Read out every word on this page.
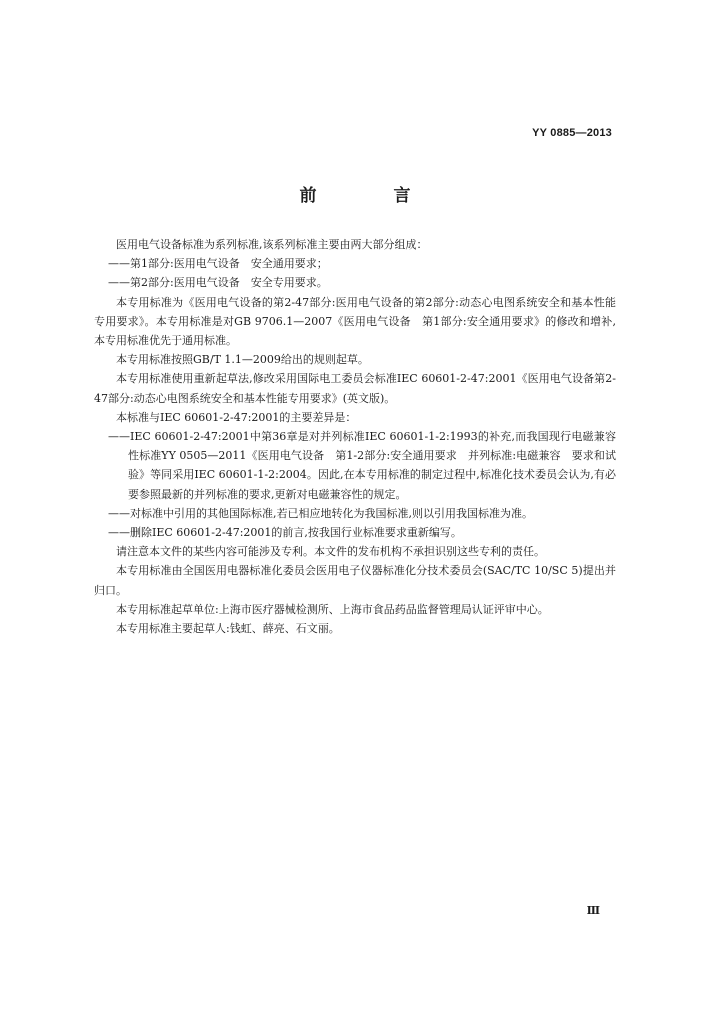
YY 0885—2013
前　言

医用电气设备标准为系列标准,该系列标准主要由两大部分组成：

——第1部分:医用电气设备　安全通用要求；

——第2部分:医用电气设备　安全专用要求。

本专用标准为《医用电气设备的第2-47部分:医用电气设备的第2部分:动态心电图系统安全和基本性能专用要求》。本专用标准是对GB 9706.1—2007《医用电气设备　第1部分:安全通用要求》的修改和增补,本专用标准优先于通用标准。

本专用标准按照GB/T 1.1—2009给出的规则起草。

本专用标准使用重新起草法,修改采用国际电工委员会标准IEC 60601-2-47:2001《医用电气设备第2-47部分:动态心电图系统安全和基本性能专用要求》(英文版)。

本标准与IEC 60601-2-47:2001的主要差异是：

——IEC 60601-2-47:2001中第36章是对并列标准IEC 60601-1-2:1993的补充,而我国现行电磁兼容性标准YY 0505—2011《医用电气设备　第1-2部分:安全通用要求　并列标准:电磁兼容　要求和试验》等同采用IEC 60601-1-2:2004。因此,在本专用标准的制定过程中,标准化技术委员会认为,有必要参照最新的并列标准的要求,更新对电磁兼容性的规定。

——对标准中引用的其他国际标准,若已相应地转化为我国标准,则以引用我国标准为准。

——删除IEC 60601-2-47:2001的前言,按我国行业标准要求重新编写。

请注意本文件的某些内容可能涉及专利。本文件的发布机构不承担识别这些专利的责任。

本专用标准由全国医用电器标准化委员会医用电子仪器标准化分技术委员会(SAC/TC 10/SC 5)提出并归口。

本专用标准起草单位:上海市医疗器械检测所、上海市食品药品监督管理局认证评审中心。

本专用标准主要起草人:钱虹、薛亮、石文丽。

Ⅲ
